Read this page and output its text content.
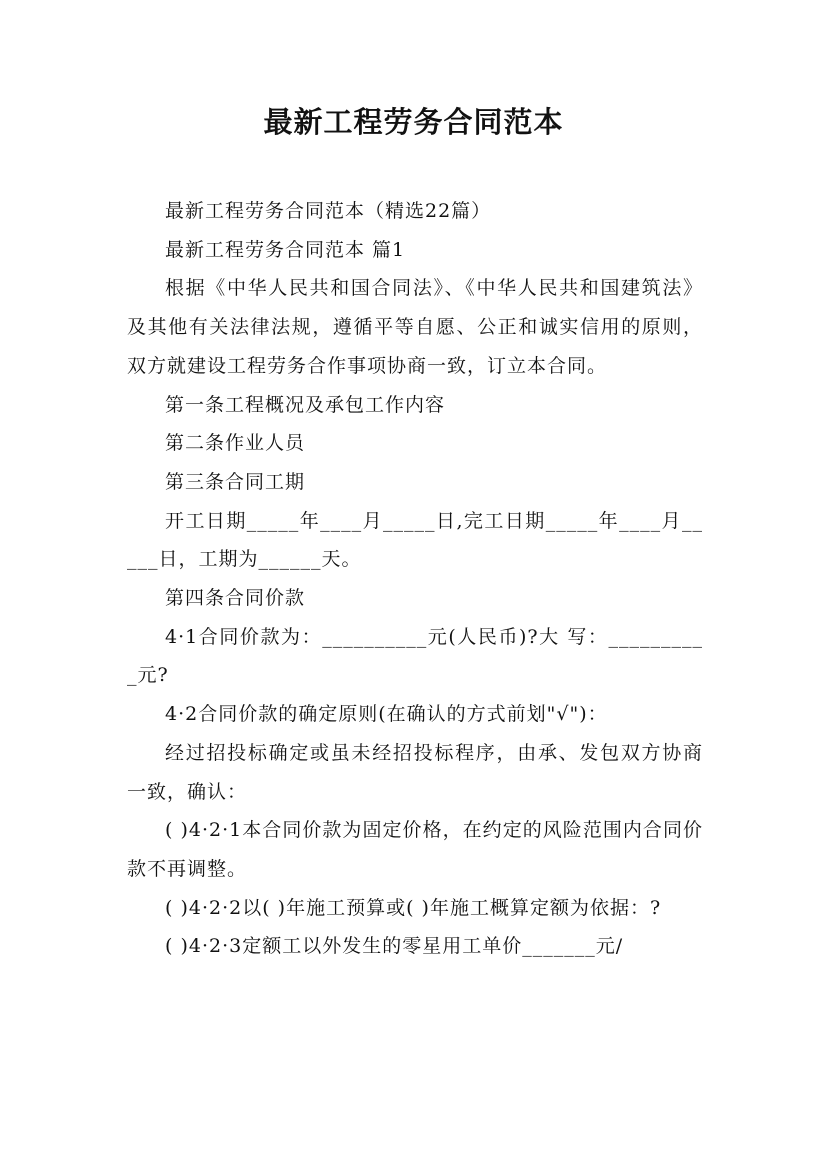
最新工程劳务合同范本

最新工程劳务合同范本（精选22篇）

最新工程劳务合同范本 篇1

根据《中华人民共和国合同法》、《中华人民共和国建筑法》及其他有关法律法规，遵循平等自愿、公正和诚实信用的原则，双方就建设工程劳务合作事项协商一致，订立本合同。

第一条工程概况及承包工作内容

第二条作业人员

第三条合同工期

开工日期_____年____月_____日,完工日期_____年____月_____日，工期为______天。

第四条合同价款

4·1合同价款为：__________元(人民币)?大 写：__________元?

4·2合同价款的确定原则(在确认的方式前划"√")：

经过招投标确定或虽未经招投标程序，由承、发包双方协商一致，确认：

( )4·2·1本合同价款为固定价格，在约定的风险范围内合同价款不再调整。

( )4·2·2以( )年施工预算或( )年施工概算定额为依据：?

( )4·2·3定额工以外发生的零星用工单价_______元/
